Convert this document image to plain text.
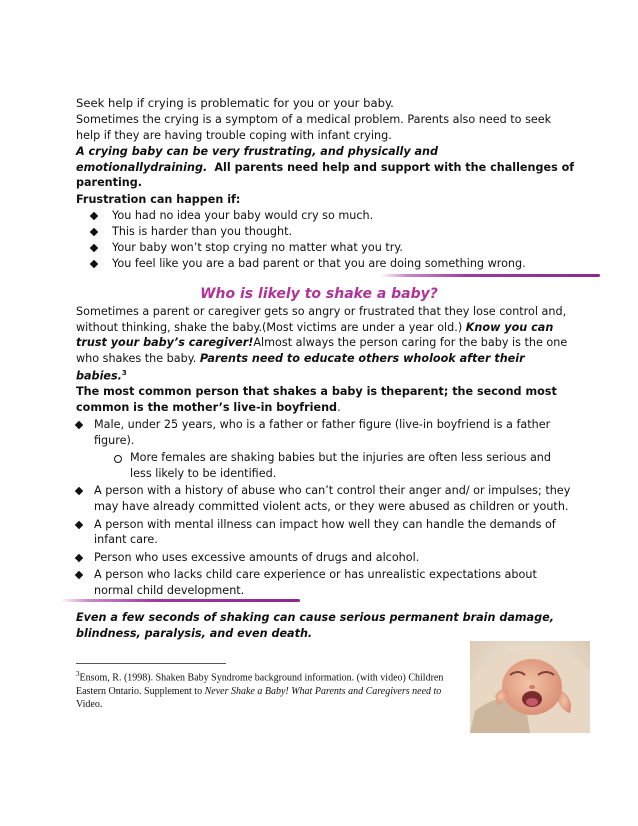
Seek help if crying is problematic for you or your baby.
Sometimes the crying is a symptom of a medical problem. Parents also need to seek help if they are having trouble coping with infant crying.
A crying baby can be very frustrating, and physically and emotionallydraining. All parents need help and support with the challenges of parenting.
Frustration can happen if:
You had no idea your baby would cry so much.
This is harder than you thought.
Your baby won’t stop crying no matter what you try.
You feel like you are a bad parent or that you are doing something wrong.
Who is likely to shake a baby?
Sometimes a parent or caregiver gets so angry or frustrated that they lose control and, without thinking, shake the baby.(Most victims are under a year old.) Know you can trust your baby’s caregiver!Almost always the person caring for the baby is the one who shakes the baby. Parents need to educate others wholook after their babies.$^3$
The most common person that shakes a baby is theparent; the second most common is the mother’s live-in boyfriend.
Male, under 25 years, who is a father or father figure (live-in boyfriend is a father figure).
More females are shaking babies but the injuries are often less serious and less likely to be identified.
A person with a history of abuse who can’t control their anger and/ or impulses; they may have already committed violent acts, or they were abused as children or youth.
A person with mental illness can impact how well they can handle the demands of infant care.
Person who uses excessive amounts of drugs and alcohol.
A person who lacks child care experience or has unrealistic expectations about normal child development.
Even a few seconds of shaking can cause serious permanent brain damage, blindness, paralysis, and even death.
$^3$Ensom, R. (1998). Shaken Baby Syndrome background information. (with video) Children Eastern Ontario. Supplement to Never Shake a Baby! What Parents and Caregivers need to Video.
